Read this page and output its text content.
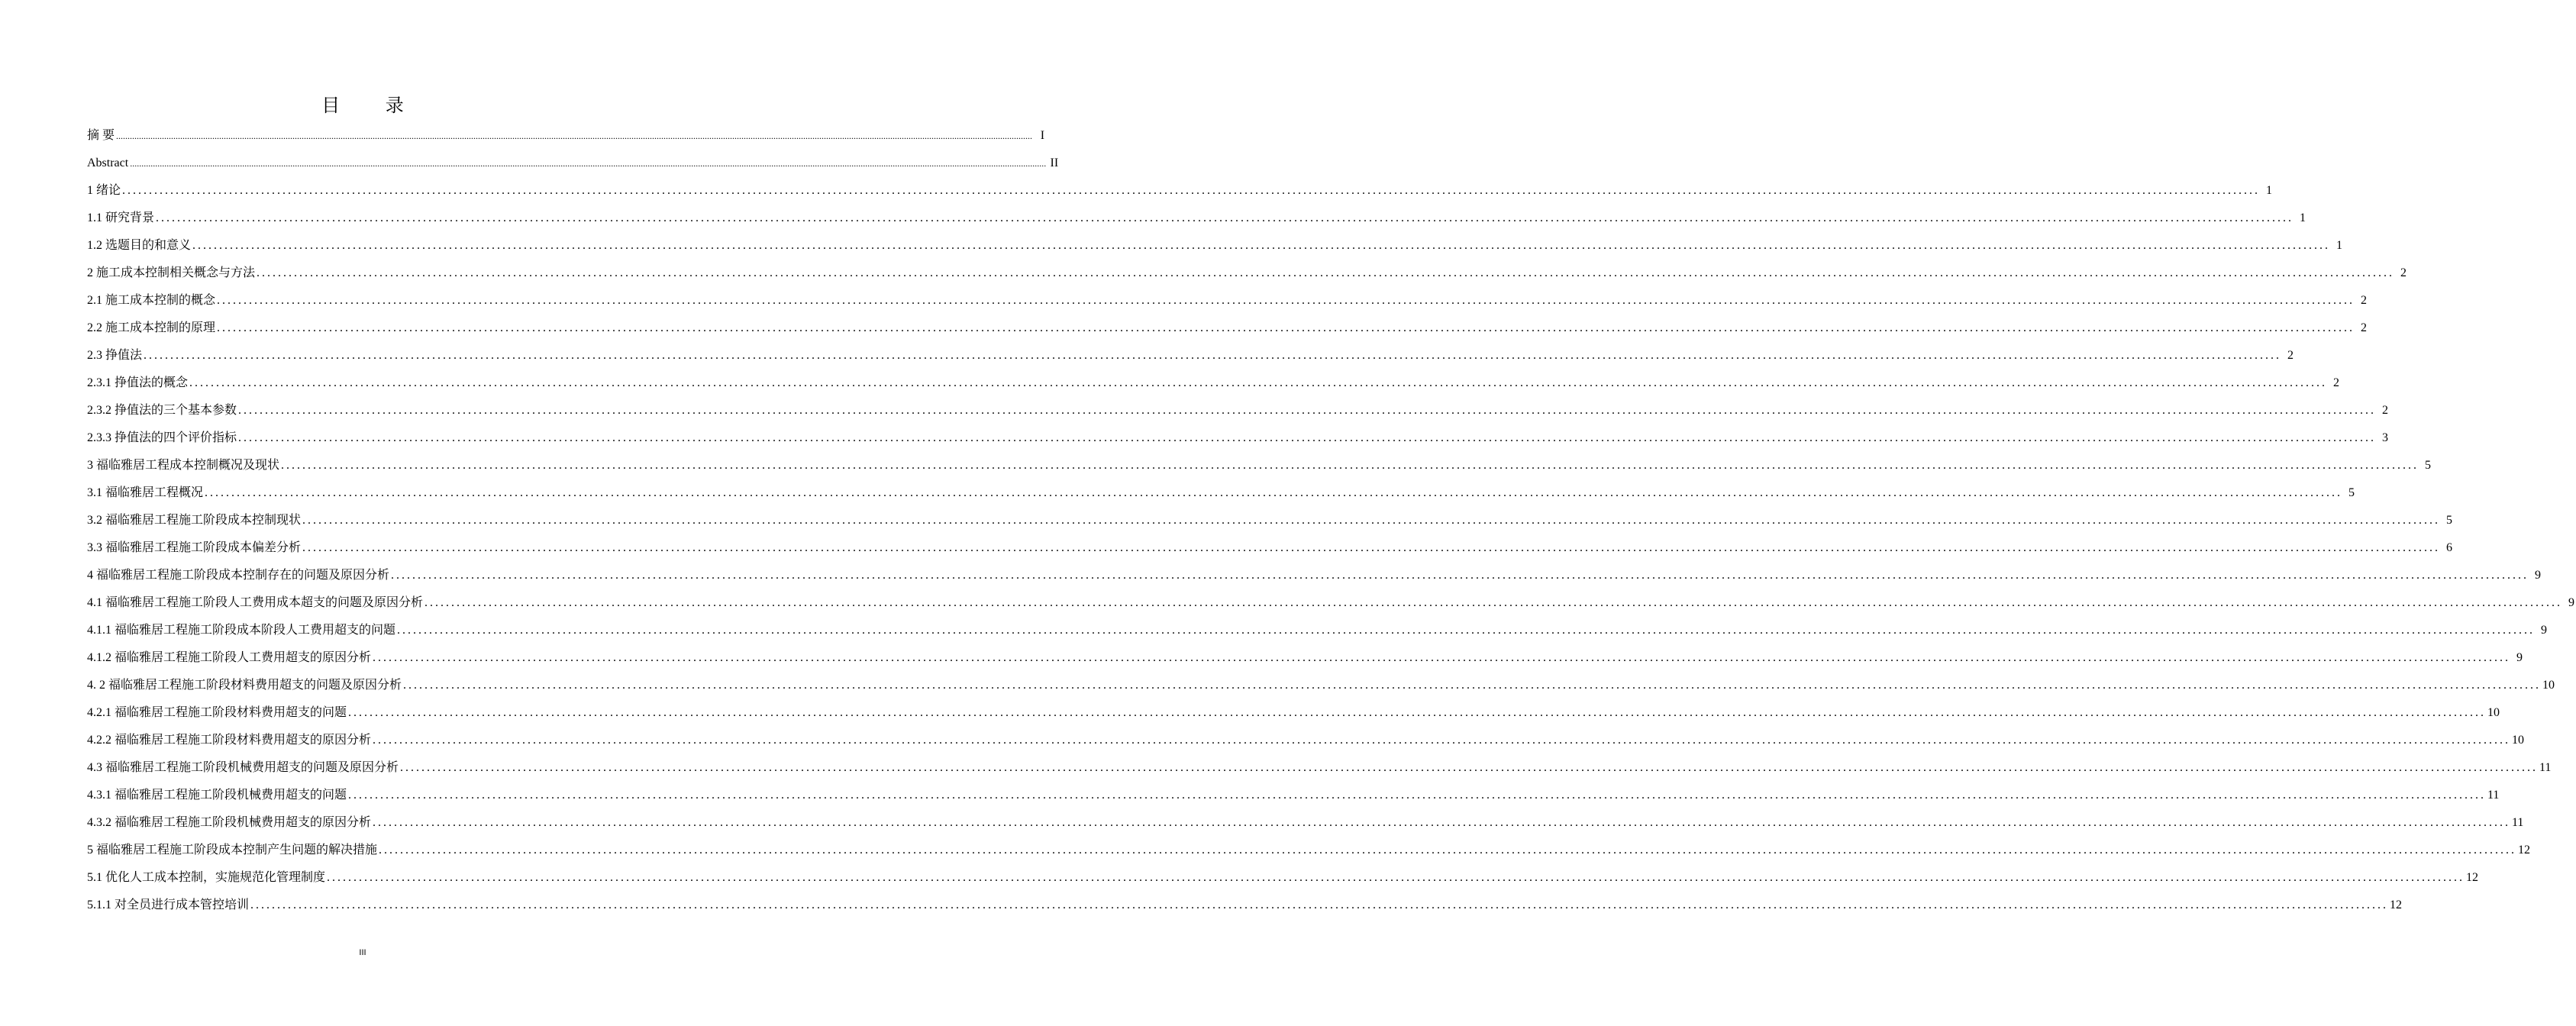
目 录
摘 要 ................................................................................................................................................................................................................................................................................................................................................................................................................ I
Abstract ................................................................................................................................................................................................................................................................................................................................................................................................................ II
1 绪论 ................................................................................................................................................................................................................................................................................................................................................................................................................ 1
1.1 研究背景 ................................................................................................................................................................................................................................................................................................................................................................................................................ 1
1.2 选题目的和意义 ................................................................................................................................................................................................................................................................................................................................................................................................................ 1
2 施工成本控制相关概念与方法 ................................................................................................................................................................................................................................................................................................................................................................................................................ 2
2.1 施工成本控制的概念 ................................................................................................................................................................................................................................................................................................................................................................................................................ 2
2.2 施工成本控制的原理 ................................................................................................................................................................................................................................................................................................................................................................................................................ 2
2.3 挣值法 ................................................................................................................................................................................................................................................................................................................................................................................................................ 2
2.3.1 挣值法的概念 ................................................................................................................................................................................................................................................................................................................................................................................................................ 2
2.3.2 挣值法的三个基本参数 ................................................................................................................................................................................................................................................................................................................................................................................................................ 2
2.3.3 挣值法的四个评价指标 ................................................................................................................................................................................................................................................................................................................................................................................................................ 3
3 福临雅居工程成本控制概况及现状 ................................................................................................................................................................................................................................................................................................................................................................................................................ 5
3.1 福临雅居工程概况 ................................................................................................................................................................................................................................................................................................................................................................................................................ 5
3.2 福临雅居工程施工阶段成本控制现状 ................................................................................................................................................................................................................................................................................................................................................................................................................ 5
3.3 福临雅居工程施工阶段成本偏差分析 ................................................................................................................................................................................................................................................................................................................................................................................................................ 6
4 福临雅居工程施工阶段成本控制存在的问题及原因分析 ................................................................................................................................................................................................................................................................................................................................................................................................................ 9
4.1 福临雅居工程施工阶段人工费用成本超支的问题及原因分析 ................................................................................................................................................................................................................................................................................................................................................................................................................ 9
4.1.1 福临雅居工程施工阶段成本阶段人工费用超支的问题 ................................................................................................................................................................................................................................................................................................................................................................................................................ 9
4.1.2 福临雅居工程施工阶段人工费用超支的原因分析 ................................................................................................................................................................................................................................................................................................................................................................................................................ 9
4. 2 福临雅居工程施工阶段材料费用超支的问题及原因分析 ................................................................................................................................................................................................................................................................................................................................................................................................................ 10
4.2.1 福临雅居工程施工阶段材料费用超支的问题 ................................................................................................................................................................................................................................................................................................................................................................................................................ 10
4.2.2 福临雅居工程施工阶段材料费用超支的原因分析 ................................................................................................................................................................................................................................................................................................................................................................................................................ 10
4.3 福临雅居工程施工阶段机械费用超支的问题及原因分析 ................................................................................................................................................................................................................................................................................................................................................................................................................ 11
4.3.1 福临雅居工程施工阶段机械费用超支的问题 ................................................................................................................................................................................................................................................................................................................................................................................................................ 11
4.3.2 福临雅居工程施工阶段机械费用超支的原因分析 ................................................................................................................................................................................................................................................................................................................................................................................................................ 11
5 福临雅居工程施工阶段成本控制产生问题的解决措施 ................................................................................................................................................................................................................................................................................................................................................................................................................ 12
5.1 优化人工成本控制，实施规范化管理制度 ................................................................................................................................................................................................................................................................................................................................................................................................................ 12
5.1.1 对全员进行成本管控培训 ................................................................................................................................................................................................................................................................................................................................................................................................................ 12
III
